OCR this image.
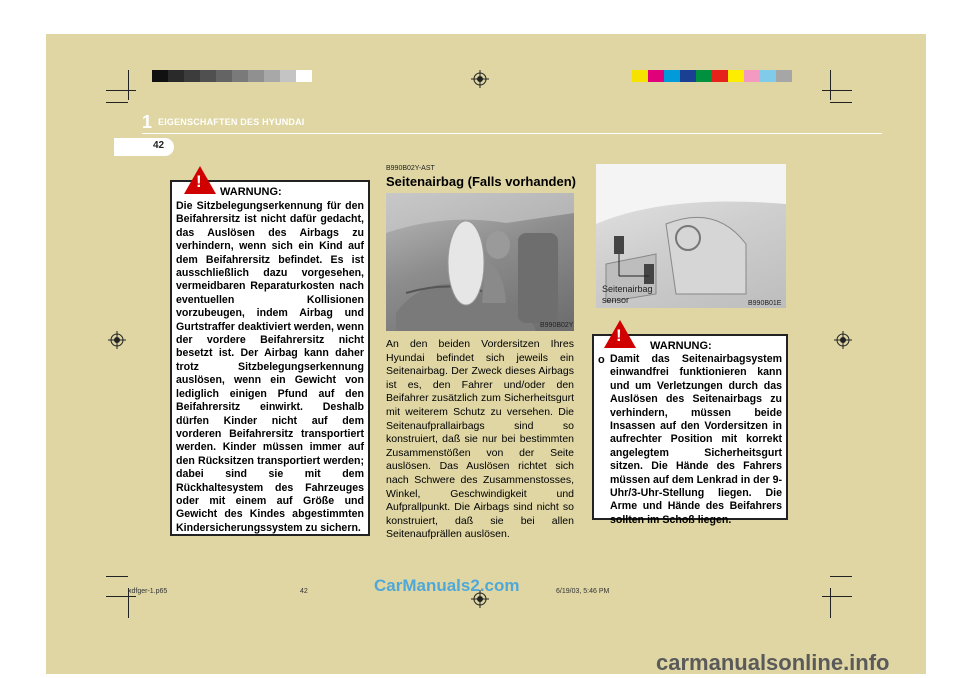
1 EIGENSCHAFTEN DES HYUNDAI
42
!
WARNUNG:
Die Sitzbelegungserkennung für den Beifahrersitz ist nicht dafür gedacht, das Auslösen des Airbags zu verhindern, wenn sich ein Kind auf dem Beifahrersitz befindet. Es ist ausschließlich dazu vorgesehen, vermeidbaren Reparaturkosten nach eventuellen Kollisionen vorzubeugen, indem Airbag und Gurtstraffer deaktiviert werden, wenn der vordere Beifahrersitz nicht besetzt ist. Der Airbag kann daher trotz Sitzbelegungserkennung auslösen, wenn ein Gewicht von lediglich einigen Pfund auf den Beifahrersitz einwirkt. Deshalb dürfen Kinder nicht auf dem vorderen Beifahrersitz transportiert werden. Kinder müssen immer auf den Rücksitzen transportiert werden; dabei sind sie mit dem Rückhaltesystem des Fahrzeuges oder mit einem auf Größe und Gewicht des Kindes abgestimmten Kindersicherungssystem zu sichern.
B990B02Y-AST
Seitenairbag (Falls vorhanden)
B990B02Y
An den beiden Vordersitzen Ihres Hyundai befindet sich jeweils ein Seitenairbag. Der Zweck dieses Airbags ist es, den Fahrer und/oder den Beifahrer zusätzlich zum Sicherheitsgurt mit weiterem Schutz zu versehen. Die Seitenaufprallairbags sind so konstruiert, daß sie nur bei bestimmten Zusammenstößen von der Seite auslösen. Das Auslösen richtet sich nach Schwere des Zusammenstosses, Winkel, Geschwindigkeit und Aufprallpunkt. Die Airbags sind nicht so konstruiert, daß sie bei allen Seitenaufprällen auslösen.
Seitenairbag
sensor	B990B01E
!
WARNUNG:
o Damit das Seitenairbagsystem einwandfrei funktionieren kann und um Verletzungen durch das Auslösen des Seitenairbags zu verhindern, müssen beide Insassen auf den Vordersitzen in aufrechter Position mit korrekt angelegtem Sicherheitsgurt sitzen. Die Hände des Fahrers müssen auf dem Lenkrad in der 9-Uhr/3-Uhr-Stellung liegen. Die Arme und Hände des Beifahrers sollten im Schoß liegen.
xdfger-1.p65	42	6/19/03, 5:46 PM
CarManuals2.com
carmanualsonline.info
